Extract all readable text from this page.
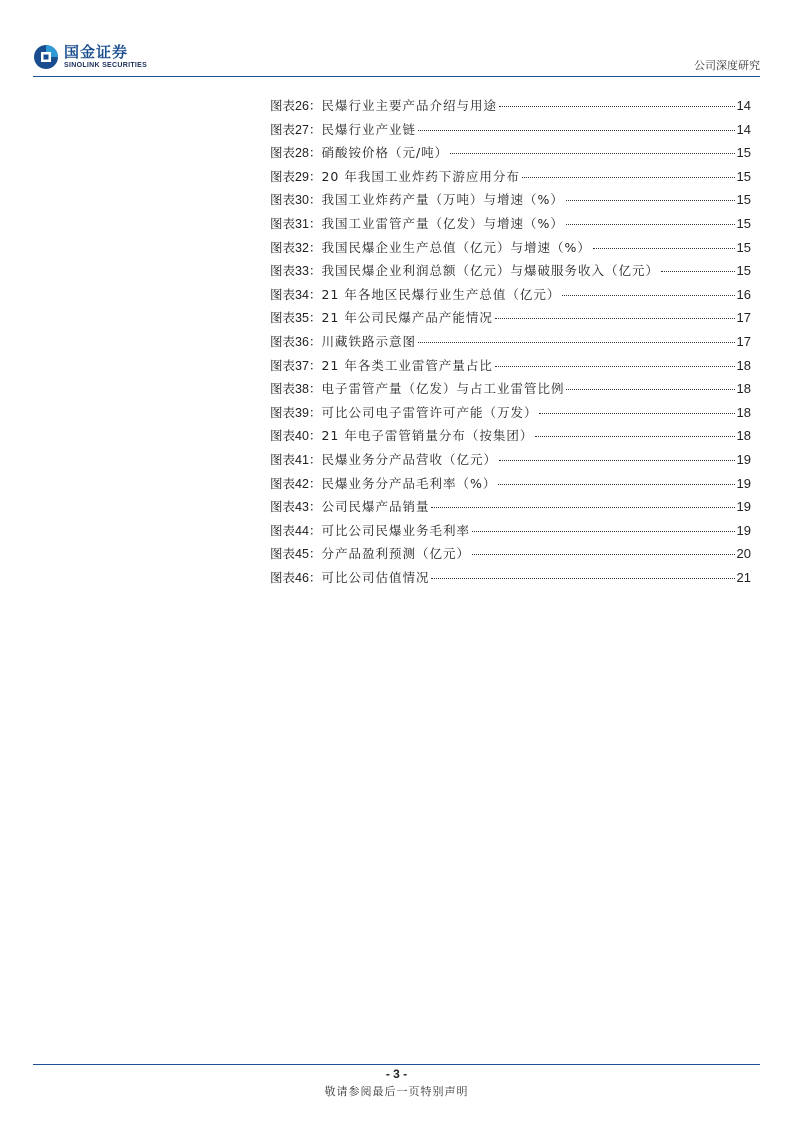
国金证券
SINOLINK SECURITIES	公司深度研究
图表26 ： 民爆行业主要产品介绍与用途	14
图表27 ： 民爆行业产业链	14
图表28 ： 硝酸铵价格（元/吨）	15
图表29 ： 20 年我国工业炸药下游应用分布	15
图表30 ： 我国工业炸药产量（万吨）与增速（%）	15
图表31 ： 我国工业雷管产量（亿发）与增速（%）	15
图表32 ： 我国民爆企业生产总值（亿元）与增速（%）	15
图表33 ： 我国民爆企业利润总额（亿元）与爆破服务收入（亿元）	15
图表34 ： 21 年各地区民爆行业生产总值（亿元）	16
图表35 ： 21 年公司民爆产品产能情况	17
图表36 ： 川藏铁路示意图	17
图表37 ： 21 年各类工业雷管产量占比	18
图表38 ： 电子雷管产量（亿发）与占工业雷管比例	18
图表39 ： 可比公司电子雷管许可产能（万发）	18
图表40 ： 21 年电子雷管销量分布（按集团）	18
图表41 ： 民爆业务分产品营收（亿元）	19
图表42 ： 民爆业务分产品毛利率（%）	19
图表43 ： 公司民爆产品销量	19
图表44 ： 可比公司民爆业务毛利率	19
图表45 ： 分产品盈利预测（亿元）	20
图表46 ： 可比公司估值情况	21
- 3 -
敬请参阅最后一页特别声明
